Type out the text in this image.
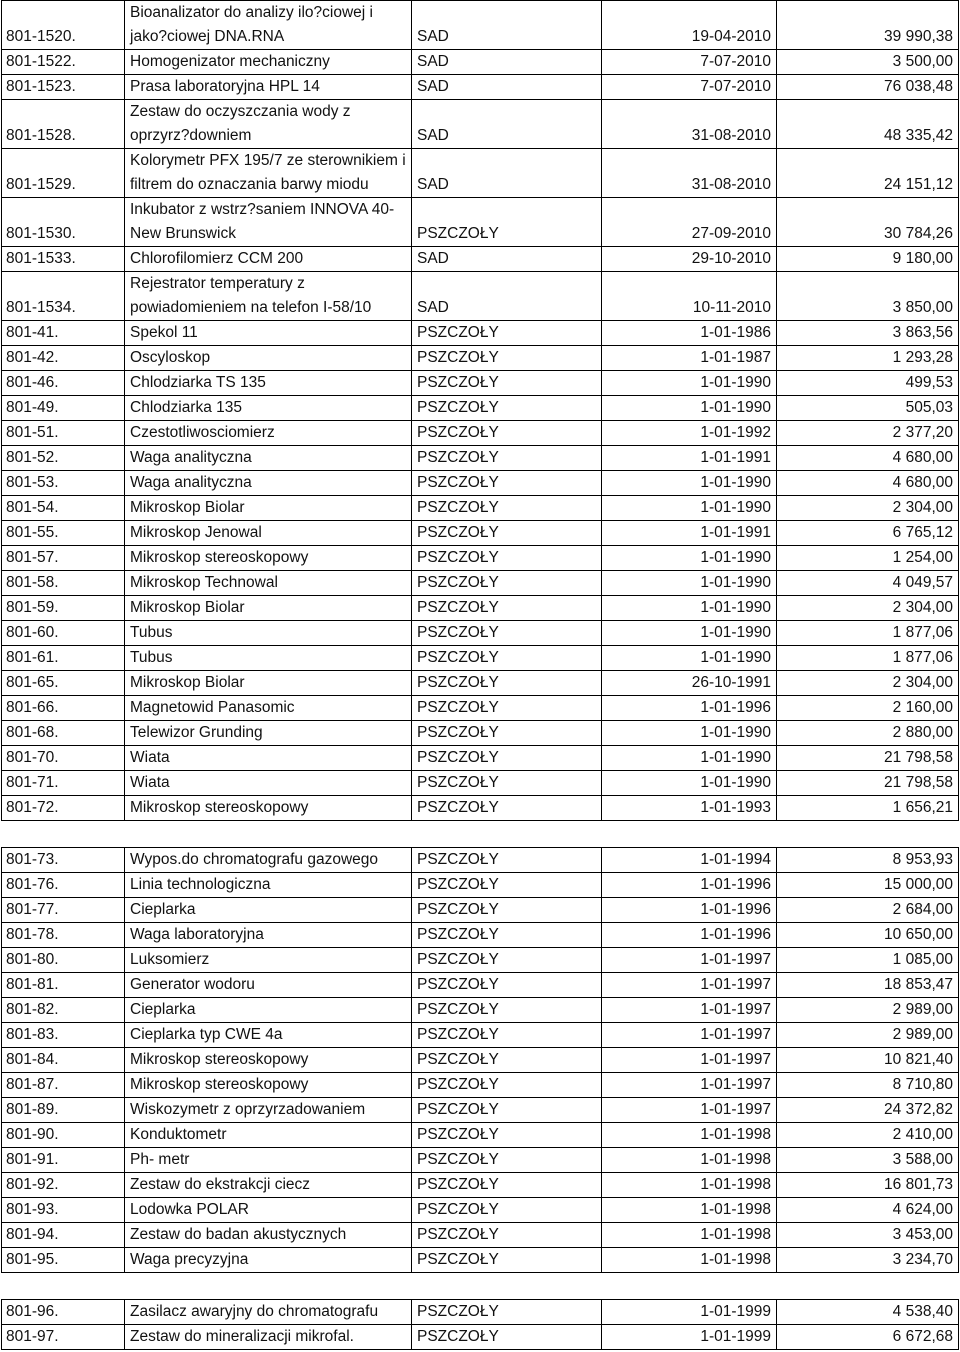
801-1520.	Bioanalizator do analizy ilo?ciowej i jako?ciowej DNA.RNA	SAD	19-04-2010	39 990,38
801-1522.	Homogenizator mechaniczny	SAD	7-07-2010	3 500,00
801-1523.	Prasa laboratoryjna HPL 14	SAD	7-07-2010	76 038,48
801-1528.	Zestaw do oczyszczania wody z oprzyrz?downiem	SAD	31-08-2010	48 335,42
801-1529.	Kolorymetr PFX 195/7 ze sterownikiem i filtrem do oznaczania barwy miodu	SAD	31-08-2010	24 151,12
801-1530.	Inkubator z wstrz?saniem INNOVA 40-New Brunswick	PSZCZOŁY	27-09-2010	30 784,26
801-1533.	Chlorofilomierz CCM 200	SAD	29-10-2010	9 180,00
801-1534.	Rejestrator temperatury z powiadomieniem na telefon I-58/10	SAD	10-11-2010	3 850,00
801-41.	Spekol 11	PSZCZOŁY	1-01-1986	3 863,56
801-42.	Oscyloskop	PSZCZOŁY	1-01-1987	1 293,28
801-46.	Chlodziarka TS 135	PSZCZOŁY	1-01-1990	499,53
801-49.	Chlodziarka 135	PSZCZOŁY	1-01-1990	505,03
801-51.	Czestotliwosciomierz	PSZCZOŁY	1-01-1992	2 377,20
801-52.	Waga analityczna	PSZCZOŁY	1-01-1991	4 680,00
801-53.	Waga analityczna	PSZCZOŁY	1-01-1990	4 680,00
801-54.	Mikroskop Biolar	PSZCZOŁY	1-01-1990	2 304,00
801-55.	Mikroskop Jenowal	PSZCZOŁY	1-01-1991	6 765,12
801-57.	Mikroskop stereoskopowy	PSZCZOŁY	1-01-1990	1 254,00
801-58.	Mikroskop Technowal	PSZCZOŁY	1-01-1990	4 049,57
801-59.	Mikroskop Biolar	PSZCZOŁY	1-01-1990	2 304,00
801-60.	Tubus	PSZCZOŁY	1-01-1990	1 877,06
801-61.	Tubus	PSZCZOŁY	1-01-1990	1 877,06
801-65.	Mikroskop Biolar	PSZCZOŁY	26-10-1991	2 304,00
801-66.	Magnetowid Panasomic	PSZCZOŁY	1-01-1996	2 160,00
801-68.	Telewizor Grunding	PSZCZOŁY	1-01-1990	2 880,00
801-70.	Wiata	PSZCZOŁY	1-01-1990	21 798,58
801-71.	Wiata	PSZCZOŁY	1-01-1990	21 798,58
801-72.	Mikroskop stereoskopowy	PSZCZOŁY	1-01-1993	1 656,21

801-73.	Wypos.do chromatografu gazowego	PSZCZOŁY	1-01-1994	8 953,93
801-76.	Linia technologiczna	PSZCZOŁY	1-01-1996	15 000,00
801-77.	Cieplarka	PSZCZOŁY	1-01-1996	2 684,00
801-78.	Waga laboratoryjna	PSZCZOŁY	1-01-1996	10 650,00
801-80.	Luksomierz	PSZCZOŁY	1-01-1997	1 085,00
801-81.	Generator wodoru	PSZCZOŁY	1-01-1997	18 853,47
801-82.	Cieplarka	PSZCZOŁY	1-01-1997	2 989,00
801-83.	Cieplarka typ CWE 4a	PSZCZOŁY	1-01-1997	2 989,00
801-84.	Mikroskop stereoskopowy	PSZCZOŁY	1-01-1997	10 821,40
801-87.	Mikroskop stereoskopowy	PSZCZOŁY	1-01-1997	8 710,80
801-89.	Wiskozymetr z oprzyrzadowaniem	PSZCZOŁY	1-01-1997	24 372,82
801-90.	Konduktometr	PSZCZOŁY	1-01-1998	2 410,00
801-91.	Ph- metr	PSZCZOŁY	1-01-1998	3 588,00
801-92.	Zestaw do ekstrakcji ciecz	PSZCZOŁY	1-01-1998	16 801,73
801-93.	Lodowka POLAR	PSZCZOŁY	1-01-1998	4 624,00
801-94.	Zestaw do badan akustycznych	PSZCZOŁY	1-01-1998	3 453,00
801-95.	Waga precyzyjna	PSZCZOŁY	1-01-1998	3 234,70

801-96.	Zasilacz awaryjny do chromatografu	PSZCZOŁY	1-01-1999	4 538,40
801-97.	Zestaw do mineralizacji mikrofal.	PSZCZOŁY	1-01-1999	6 672,68
